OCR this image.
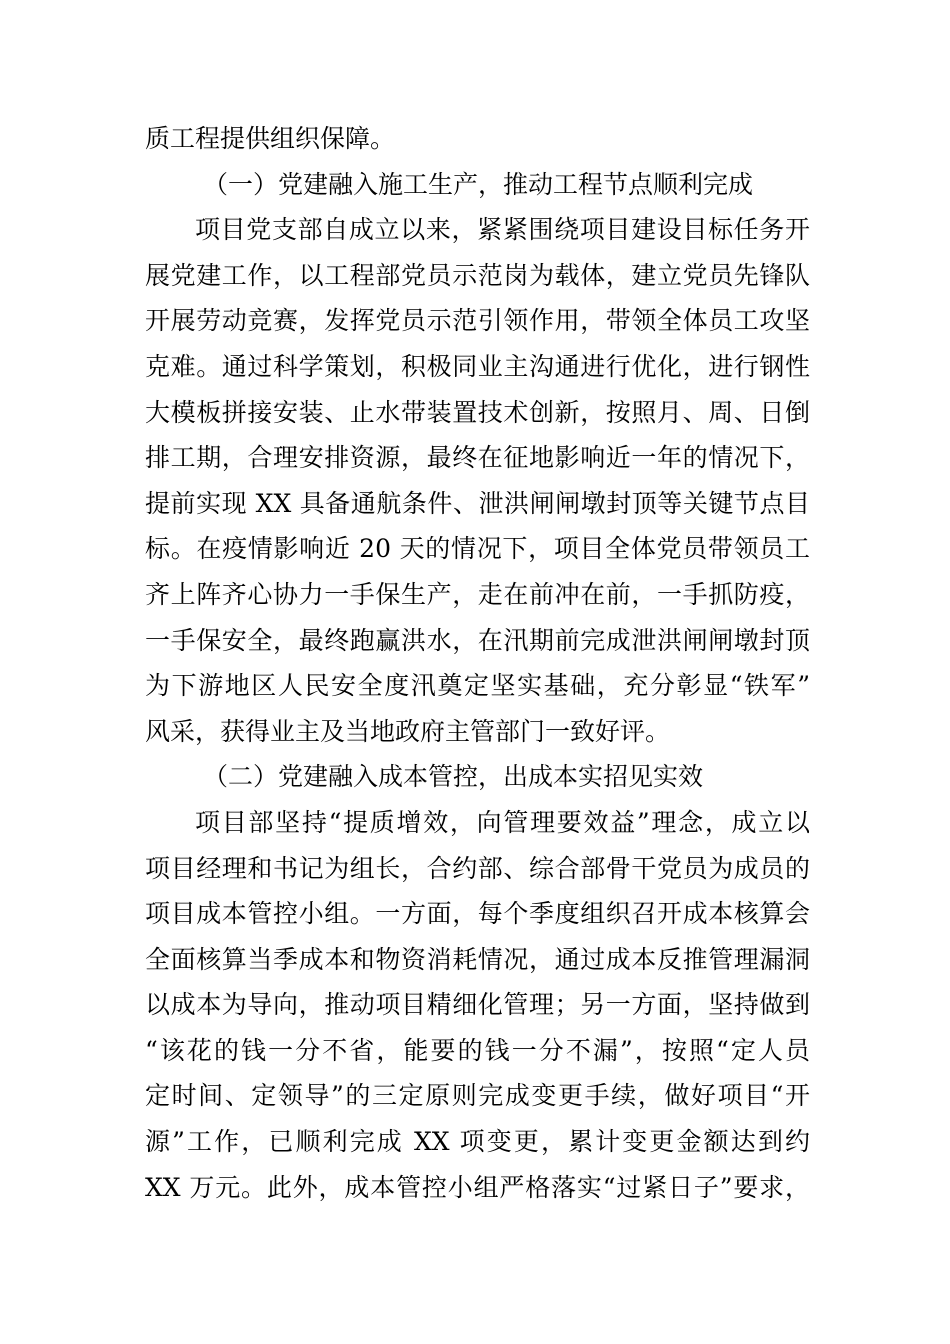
质工程提供组织保障。
（一）党建融入施工生产，推动工程节点顺利完成
项目党支部自成立以来，紧紧围绕项目建设目标任务开
展党建工作，以工程部党员示范岗为载体，建立党员先锋队
开展劳动竞赛，发挥党员示范引领作用，带领全体员工攻坚
克难。通过科学策划，积极同业主沟通进行优化，进行钢性
大模板拼接安装、止水带装置技术创新，按照月、周、日倒
排工期，合理安排资源，最终在征地影响近一年的情况下，
提前实现 XX 具备通航条件、泄洪闸闸墩封顶等关键节点目
标。在疫情影响近 20 天的情况下，项目全体党员带领员工
齐上阵齐心协力一手保生产，走在前冲在前，一手抓防疫，
一手保安全，最终跑赢洪水，在汛期前完成泄洪闸闸墩封顶
为下游地区人民安全度汛奠定坚实基础，充分彰显“铁军”
风采，获得业主及当地政府主管部门一致好评。
（二）党建融入成本管控，出成本实招见实效
项目部坚持“提质增效，向管理要效益”理念，成立以
项目经理和书记为组长，合约部、综合部骨干党员为成员的
项目成本管控小组。一方面，每个季度组织召开成本核算会
全面核算当季成本和物资消耗情况，通过成本反推管理漏洞
以成本为导向，推动项目精细化管理；另一方面，坚持做到
“该花的钱一分不省，能要的钱一分不漏”，按照“定人员
定时间、定领导”的三定原则完成变更手续，做好项目“开
源”工作，已顺利完成 XX 项变更，累计变更金额达到约
XX 万元。此外，成本管控小组严格落实“过紧日子”要求，
